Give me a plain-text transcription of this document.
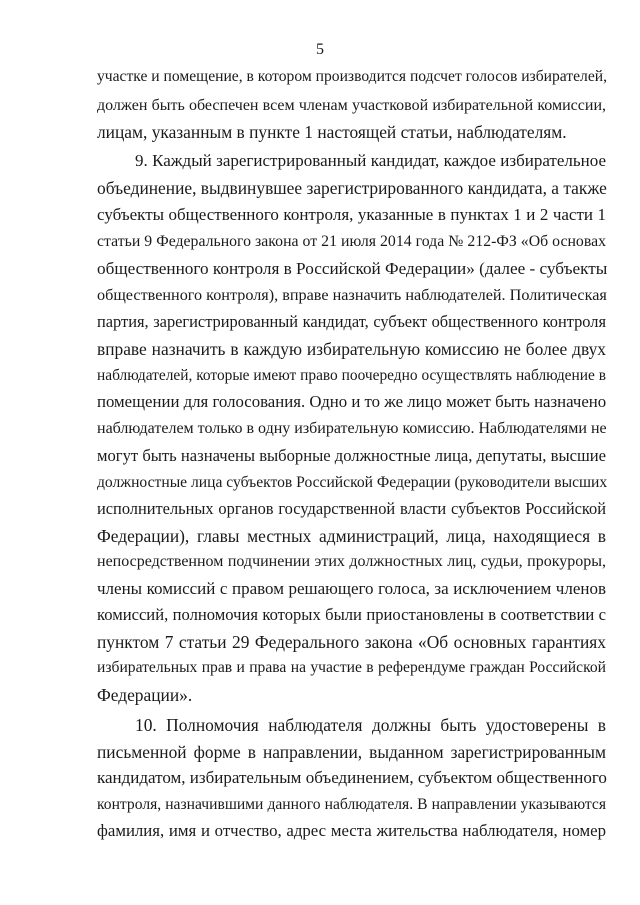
5
участке и помещение, в котором производится подсчет голосов избирателей,
должен быть обеспечен всем членам участковой избирательной комиссии,
лицам, указанным в пункте 1 настоящей статьи, наблюдателям.
9. Каждый зарегистрированный кандидат, каждое избирательное
объединение, выдвинувшее зарегистрированного кандидата, а также
субъекты общественного контроля, указанные в пунктах 1 и 2 части 1
статьи 9 Федерального закона от 21 июля 2014 года № 212-ФЗ «Об основах
общественного контроля в Российской Федерации» (далее - субъекты
общественного контроля), вправе назначить наблюдателей. Политическая
партия, зарегистрированный кандидат, субъект общественного контроля
вправе назначить в каждую избирательную комиссию не более двух
наблюдателей, которые имеют право поочередно осуществлять наблюдение в
помещении для голосования. Одно и то же лицо может быть назначено
наблюдателем только в одну избирательную комиссию. Наблюдателями не
могут быть назначены выборные должностные лица, депутаты, высшие
должностные лица субъектов Российской Федерации (руководители высших
исполнительных органов государственной власти субъектов Российской
Федерации), главы местных администраций, лица, находящиеся в
непосредственном подчинении этих должностных лиц, судьи, прокуроры,
члены комиссий с правом решающего голоса, за исключением членов
комиссий, полномочия которых были приостановлены в соответствии с
пунктом 7 статьи 29 Федерального закона «Об основных гарантиях
избирательных прав и права на участие в референдуме граждан Российской
Федерации».
10. Полномочия наблюдателя должны быть удостоверены в
письменной форме в направлении, выданном зарегистрированным
кандидатом, избирательным объединением, субъектом общественного
контроля, назначившими данного наблюдателя. В направлении указываются
фамилия, имя и отчество, адрес места жительства наблюдателя, номер
